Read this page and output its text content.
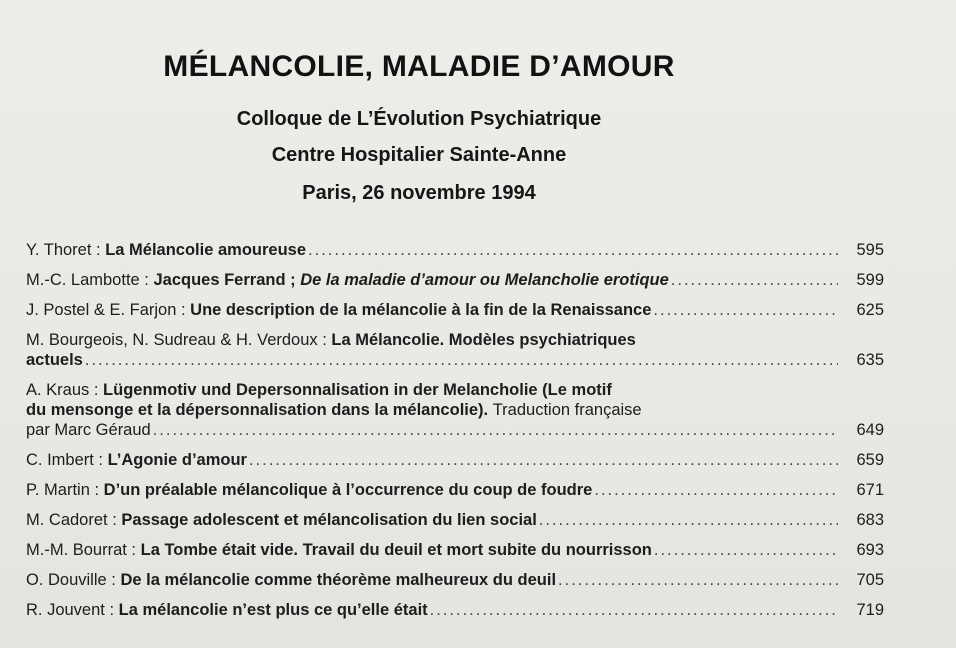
MÉLANCOLIE, MALADIE D’AMOUR
Colloque de L’Évolution Psychiatrique
Centre Hospitalier Sainte-Anne
Paris, 26 novembre 1994
Y. Thoret :
La Mélancolie amoureuse .....	595
M.-C. Lambotte :
Jacques Ferrand ;
De la maladie d’amour ou Melancholie erotique .....	599
J. Postel & E. Farjon :
Une description de la mélancolie à la fin de la Renaissance .....	625
M. Bourgeois, N. Sudreau & H. Verdoux :
La Mélancolie. Modèles psychiatriques
actuels .....	635
A. Kraus :
Lügenmotiv und Depersonnalisation in der Melancholie (Le motif
du mensonge et la dépersonnalisation dans la mélancolie).
Traduction française
par Marc Géraud .....	649
C. Imbert :
L’Agonie d’amour .....	659
P. Martin :
D’un préalable mélancolique à l’occurrence du coup de foudre .....	671
M. Cadoret :
Passage adolescent et mélancolisation du lien social .....	683
M.-M. Bourrat :
La Tombe était vide. Travail du deuil et mort subite du nourrisson .....	693
O. Douville :
De la mélancolie comme théorème malheureux du deuil .....	705
R. Jouvent :
La mélancolie n’est plus ce qu’elle était .....	719
